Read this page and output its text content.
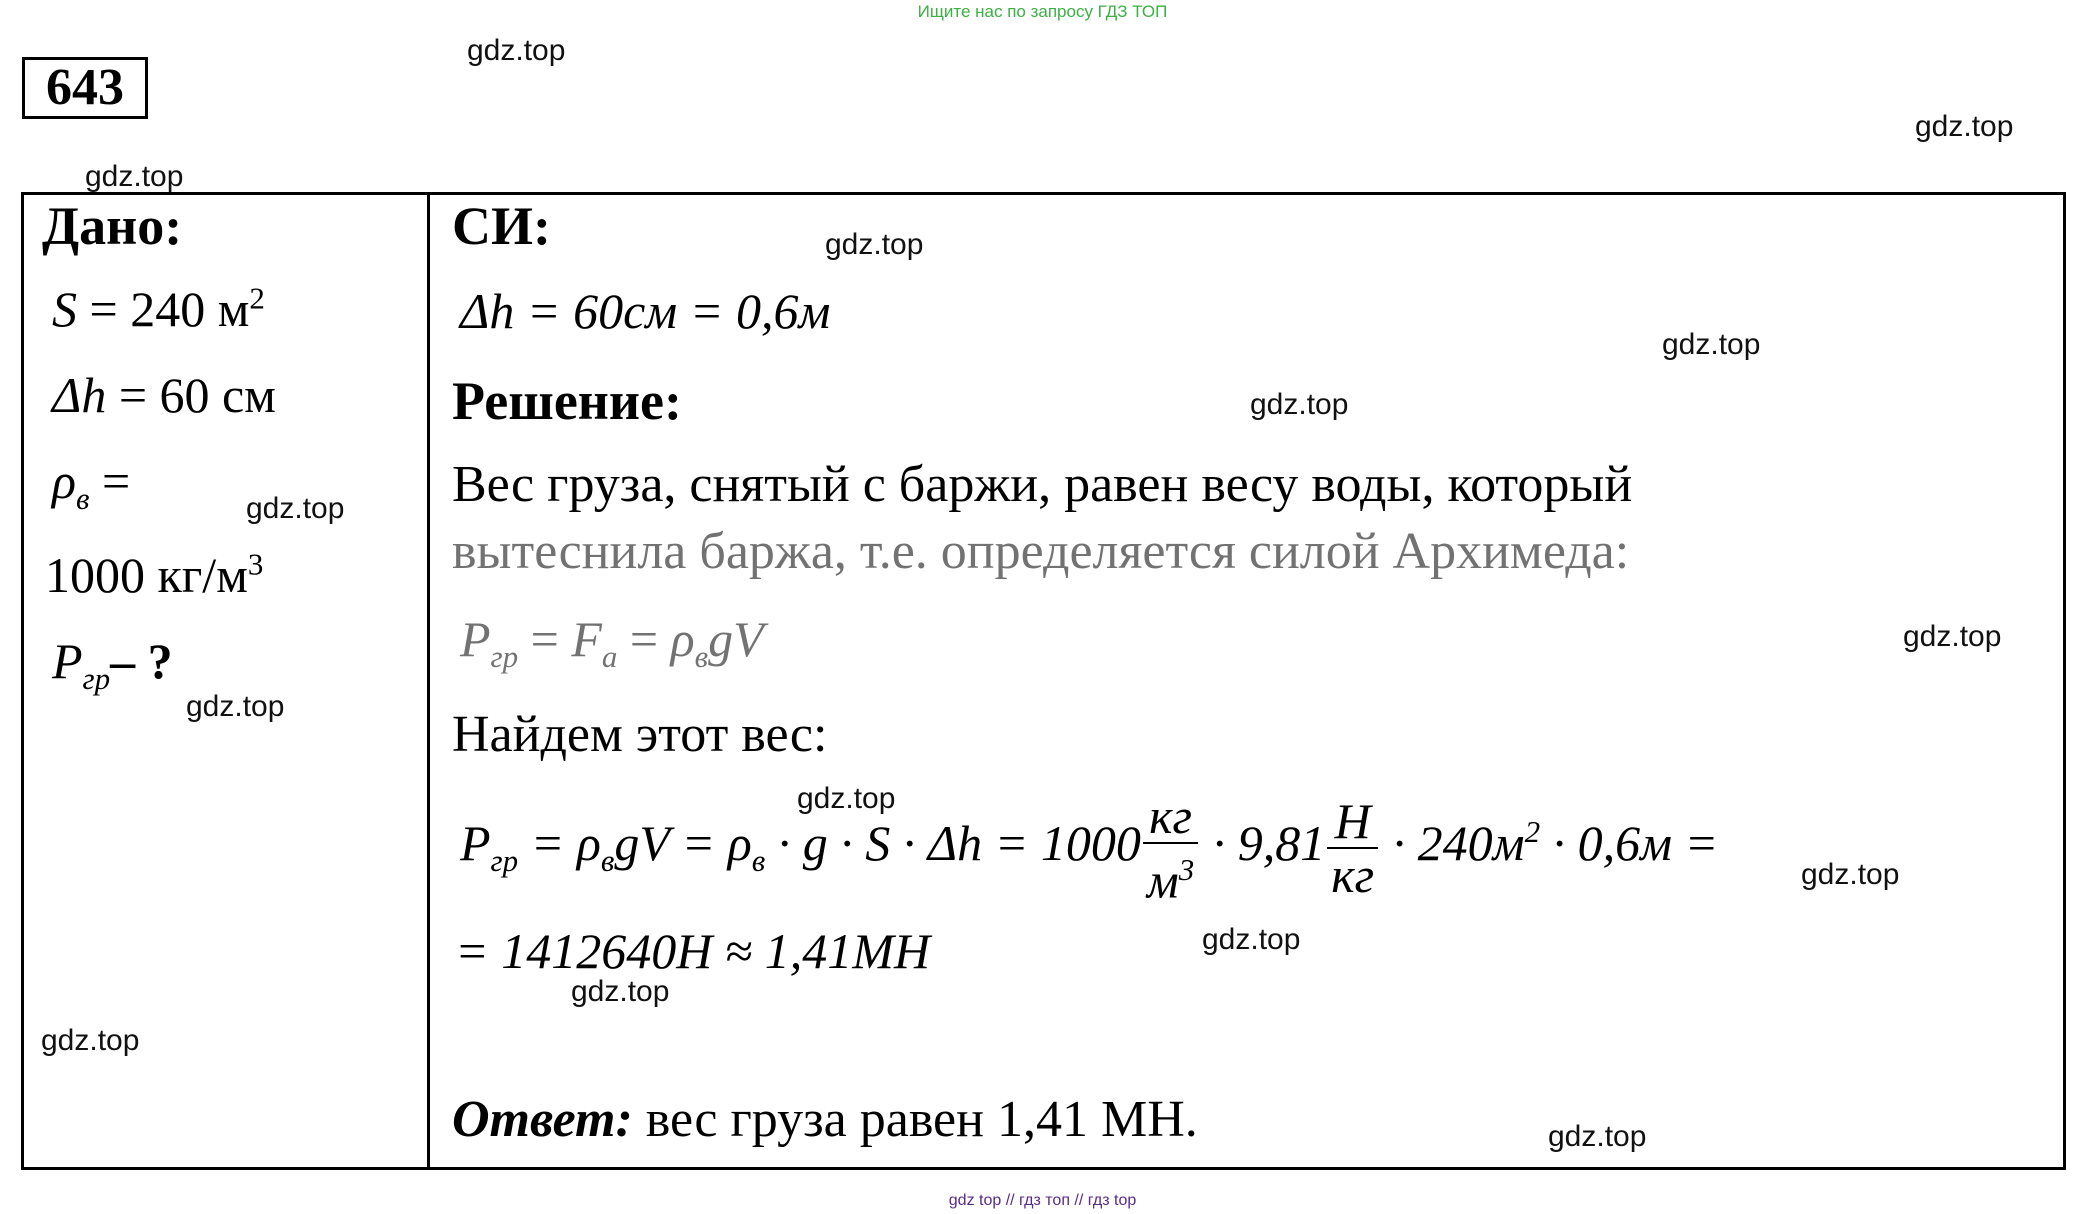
Ищите нас по запросу ГДЗ ТОП
643
gdz.top
gdz.top
gdz.top
gdz.top
gdz.top
gdz.top
gdz.top
gdz.top
gdz.top
gdz.top
gdz.top
gdz.top
gdz.top
gdz.top
gdz.top
Дано:
S = 240 $м^2$
Δh = 60 см
$\rho_в$ =
1000 $кг/м^3$
$P_{гр}-$ ?
СИ:
Δh = 60см = 0,6м
Решение:
Вес груза, снятый с баржи, равен весу воды, который
вытеснила баржа, т.е. определяется силой Архимеда:
$P_{гр} = F_a = \rho_вgV$
Найдем этот вес:
$P_{гр} = \rho_вgV = \rho_в \cdot g \cdot S \cdot \Delta h = 1000 \frac{кг}{м^3} \cdot 9,81 \frac{Н}{кг} \cdot 240м^2 \cdot 0,6м$ =
= 1412640Н ≈ 1,41МН
Ответ: вес груза равен 1,41 МН.
gdz top // гдз топ // гдз top
